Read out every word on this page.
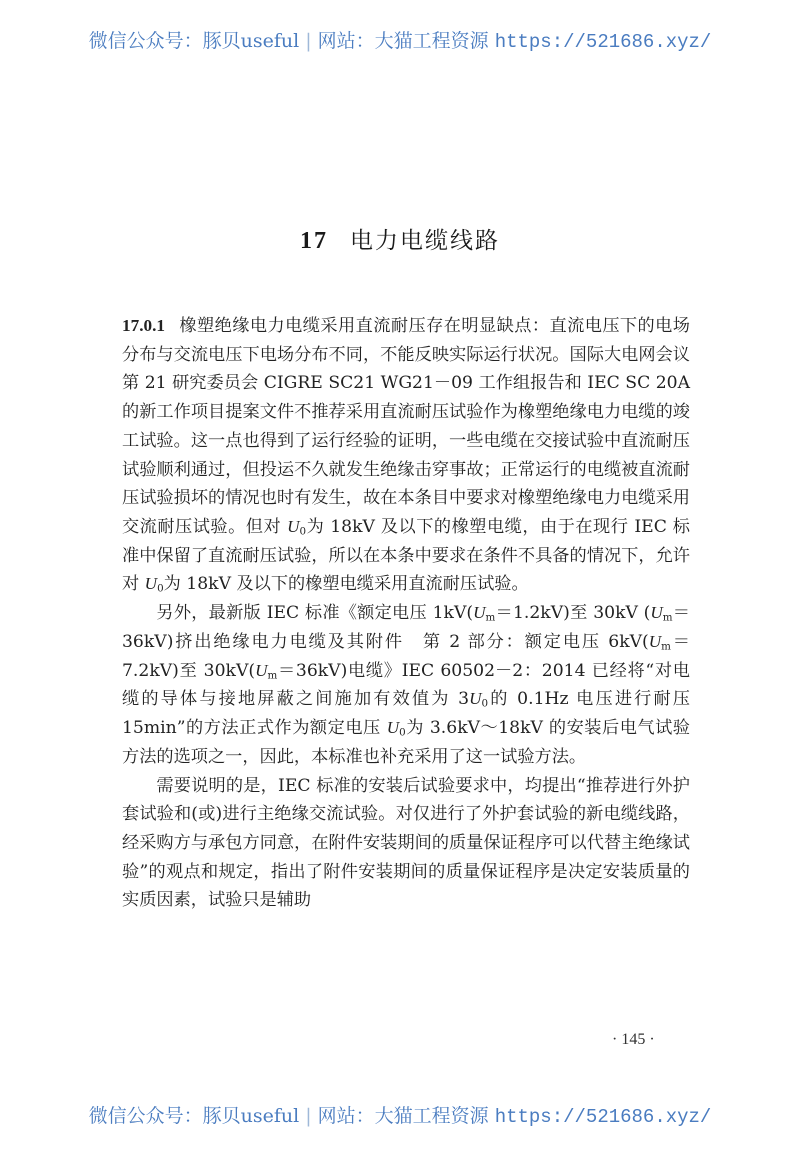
微信公众号：豚贝useful | 网站：大猫工程资源 https://521686.xyz/
17 电力电缆线路

17.0.1 橡塑绝缘电力电缆采用直流耐压存在明显缺点：直流电压下的电场分布与交流电压下电场分布不同，不能反映实际运行状况。国际大电网会议第 21 研究委员会 CIGRE SC21 WG21－09 工作组报告和 IEC SC 20A 的新工作项目提案文件不推荐采用直流耐压试验作为橡塑绝缘电力电缆的竣工试验。这一点也得到了运行经验的证明，一些电缆在交接试验中直流耐压试验顺利通过，但投运不久就发生绝缘击穿事故；正常运行的电缆被直流耐压试验损坏的情况也时有发生，故在本条目中要求对橡塑绝缘电力电缆采用交流耐压试验。但对 $U_0$为 18kV 及以下的橡塑电缆，由于在现行 IEC 标准中保留了直流耐压试验，所以在本条中要求在条件不具备的情况下，允许对 $U_0$为 18kV 及以下的橡塑电缆采用直流耐压试验。

另外，最新版 IEC 标准《额定电压 $1kV(U_m=1.2kV)$至 30kV $(U_m=36kV)$挤出绝缘电力电缆及其附件　第 2 部分：额定电压 $6kV(U_m=7.2kV)$至 $30kV(U_m=36kV)$电缆》IEC 60502－2：2014 已经将“对电缆的导体与接地屏蔽之间施加有效值为 $3U_0$的 0.1Hz 电压进行耐压 15min”的方法正式作为额定电压 $U_0$为 3.6kV～18kV 的安装后电气试验方法的选项之一，因此，本标准也补充采用了这一试验方法。

需要说明的是，IEC 标准的安装后试验要求中，均提出“推荐进行外护套试验和(或)进行主绝缘交流试验。对仅进行了外护套试验的新电缆线路，经采购方与承包方同意，在附件安装期间的质量保证程序可以代替主绝缘试验”的观点和规定，指出了附件安装期间的质量保证程序是决定安装质量的实质因素，试验只是辅助

· 145 ·
微信公众号：豚贝useful | 网站：大猫工程资源 https://521686.xyz/
